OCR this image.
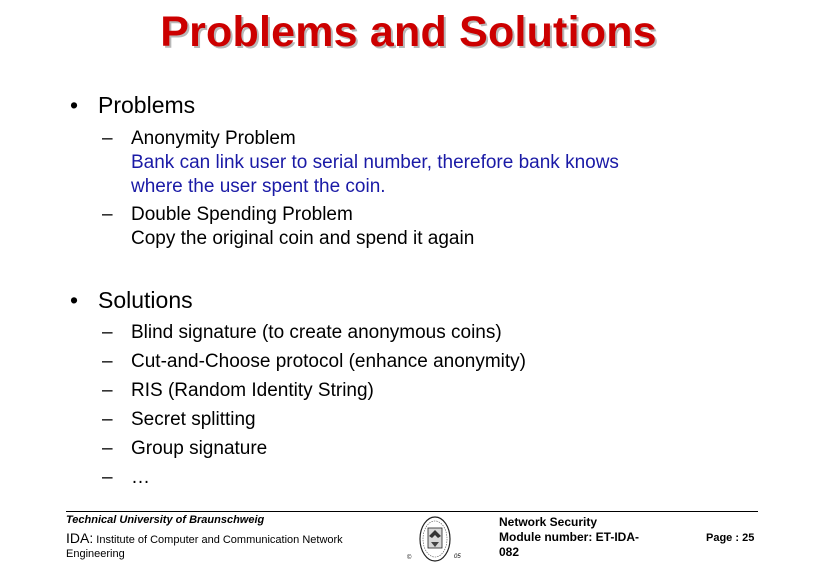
Problems and Solutions
• Problems
– Anonymity Problem
Bank can link user to serial number, therefore bank knows
where the user spent the coin.
– Double Spending Problem
Copy the original coin and spend it again
• Solutions
– Blind signature (to create anonymous coins)
– Cut-and-Choose protocol (enhance anonymity)
– RIS (Random Identity String)
– Secret splitting
– Group signature
– …
Technical University of Braunschweig
IDA: Institute of Computer and Communication Network
Engineering	©	05
Network Security
Module number: ET-IDA-
082
Page : 25
